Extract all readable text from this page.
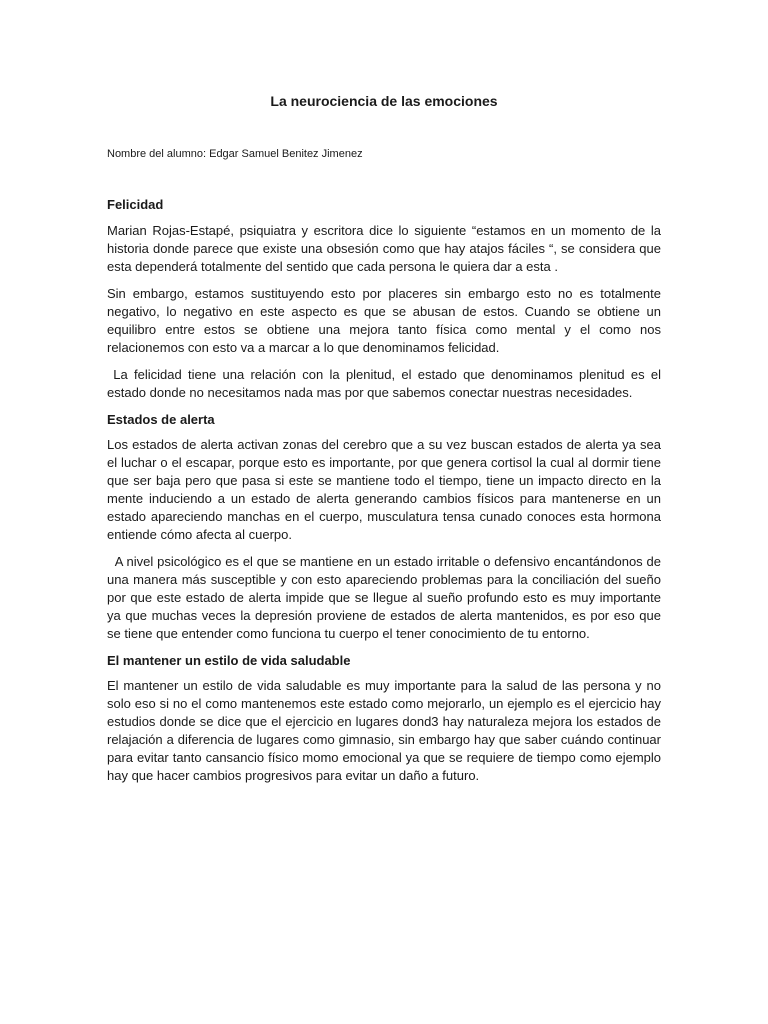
La neurociencia de las emociones
Nombre del alumno: Edgar Samuel Benitez Jimenez
Felicidad

Marian Rojas-Estapé, psiquiatra y escritora dice lo siguiente “estamos en un momento de la historia donde parece que existe una obsesión como que hay atajos fáciles “, se considera que esta dependerá totalmente del sentido que cada persona le quiera dar a esta .

Sin embargo, estamos sustituyendo esto por placeres sin embargo esto no es totalmente negativo, lo negativo en este aspecto es que se abusan de estos. Cuando se obtiene un equilibro entre estos se obtiene una mejora tanto física como mental y el como nos relacionemos con esto va a marcar a lo que denominamos felicidad.

La felicidad tiene una relación con la plenitud, el estado que denominamos plenitud es el estado donde no necesitamos nada mas por que sabemos conectar nuestras necesidades.

Estados de alerta

Los estados de alerta activan zonas del cerebro que a su vez buscan estados de alerta ya sea el luchar o el escapar, porque esto es importante, por que genera cortisol la cual al dormir tiene que ser baja pero que pasa si este se mantiene todo el tiempo, tiene un impacto directo en la mente induciendo a un estado de alerta generando cambios físicos para mantenerse en un estado apareciendo manchas en el cuerpo, musculatura tensa cunado conoces esta hormona entiende cómo afecta al cuerpo.

A nivel psicológico es el que se mantiene en un estado irritable o defensivo encantándonos de una manera más susceptible y con esto apareciendo problemas para la conciliación del sueño por que este estado de alerta impide que se llegue al sueño profundo esto es muy importante ya que muchas veces la depresión proviene de estados de alerta mantenidos, es por eso que se tiene que entender como funciona tu cuerpo el tener conocimiento de tu entorno.

El mantener un estilo de vida saludable

El mantener un estilo de vida saludable es muy importante para la salud de las persona y no solo eso si no el como mantenemos este estado como mejorarlo, un ejemplo es el ejercicio hay estudios donde se dice que el ejercicio en lugares dond3 hay naturaleza mejora los estados de relajación a diferencia de lugares como gimnasio, sin embargo hay que saber cuándo continuar para evitar tanto cansancio físico momo emocional ya que se requiere de tiempo como ejemplo hay que hacer cambios progresivos para evitar un daño a futuro.
